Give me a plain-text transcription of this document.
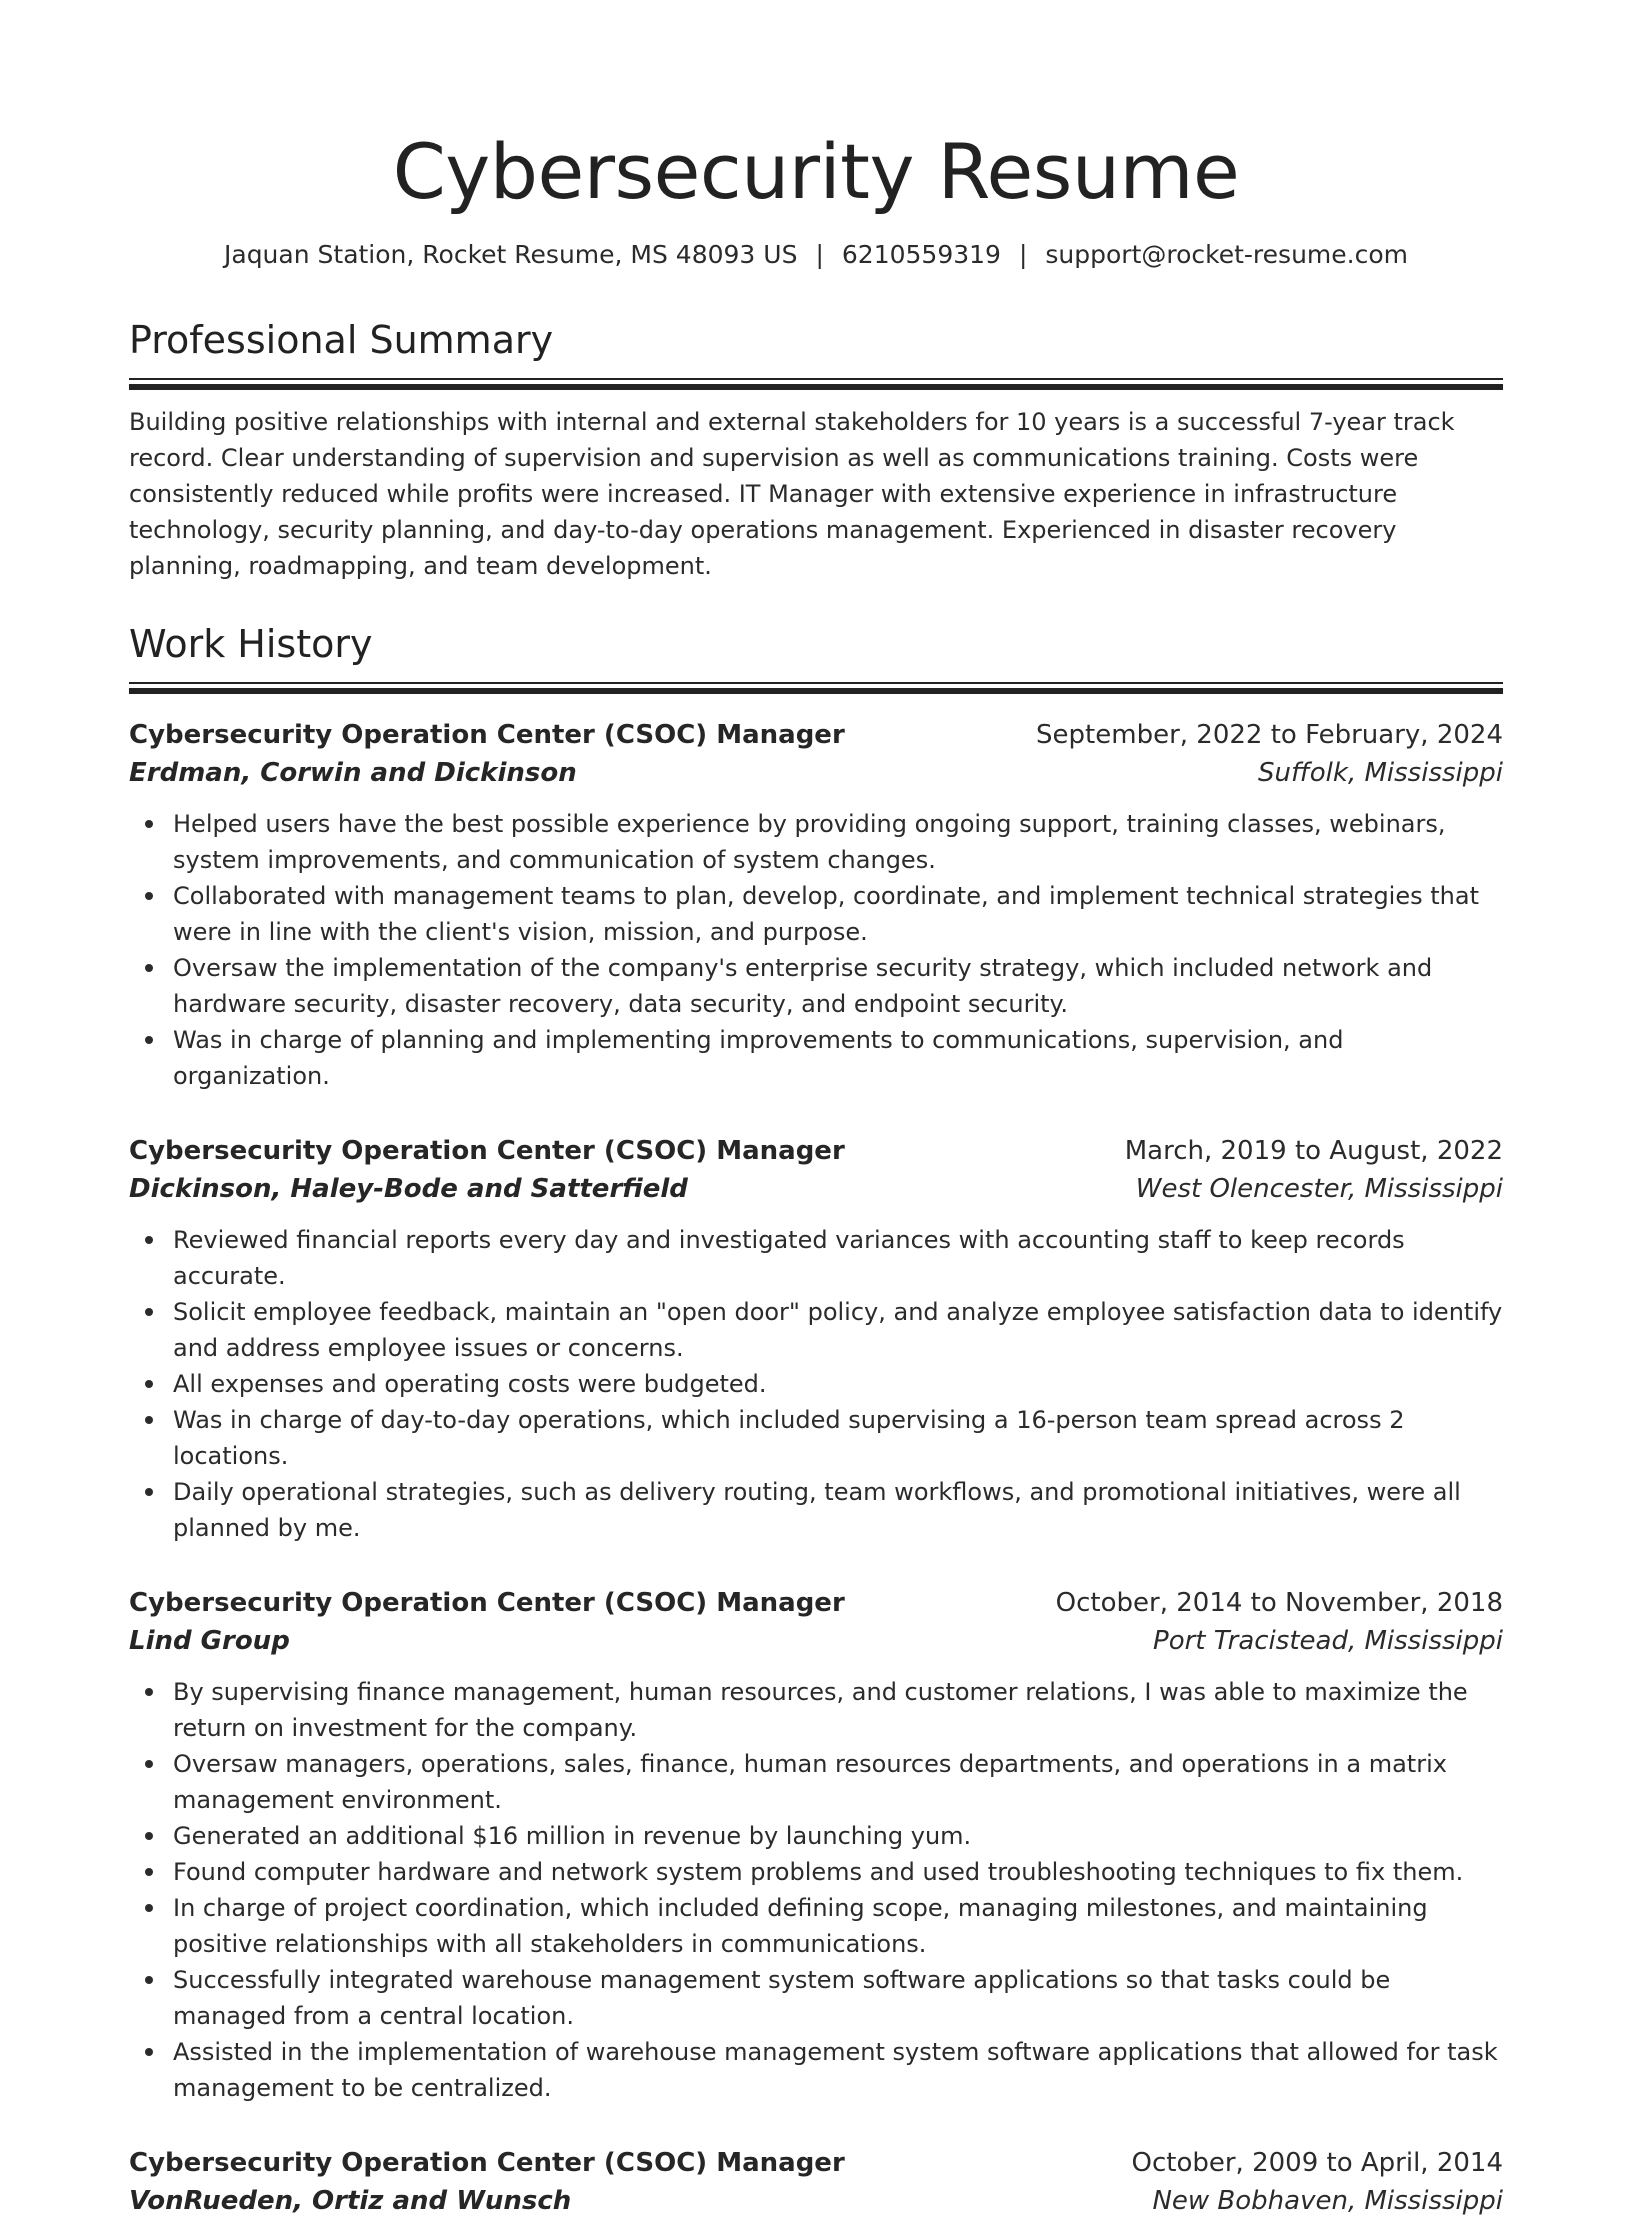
Cybersecurity Resume
Jaquan Station, Rocket Resume, MS 48093 US | 6210559319 | support@rocket-resume.com
Professional Summary

Building positive relationships with internal and external stakeholders for 10 years is a successful 7-year track record. Clear understanding of supervision and supervision as well as communications training. Costs were consistently reduced while profits were increased. IT Manager with extensive experience in infrastructure technology, security planning, and day-to-day operations management. Experienced in disaster recovery planning, roadmapping, and team development.

Work History
Cybersecurity Operation Center (CSOC) Manager	September, 2022 to February, 2024
Erdman, Corwin and Dickinson	Suffolk, Mississippi
Helped users have the best possible experience by providing ongoing support, training classes, webinars, system improvements, and communication of system changes.
Collaborated with management teams to plan, develop, coordinate, and implement technical strategies that were in line with the client's vision, mission, and purpose.
Oversaw the implementation of the company's enterprise security strategy, which included network and hardware security, disaster recovery, data security, and endpoint security.
Was in charge of planning and implementing improvements to communications, supervision, and organization.
Cybersecurity Operation Center (CSOC) Manager	March, 2019 to August, 2022
Dickinson, Haley-Bode and Satterfield	West Olencester, Mississippi
Reviewed financial reports every day and investigated variances with accounting staff to keep records accurate.
Solicit employee feedback, maintain an "open door" policy, and analyze employee satisfaction data to identify and address employee issues or concerns.
All expenses and operating costs were budgeted.
Was in charge of day-to-day operations, which included supervising a 16-person team spread across 2 locations.
Daily operational strategies, such as delivery routing, team workflows, and promotional initiatives, were all planned by me.
Cybersecurity Operation Center (CSOC) Manager	October, 2014 to November, 2018
Lind Group	Port Tracistead, Mississippi
By supervising finance management, human resources, and customer relations, I was able to maximize the return on investment for the company.
Oversaw managers, operations, sales, finance, human resources departments, and operations in a matrix management environment.
Generated an additional $16 million in revenue by launching yum.
Found computer hardware and network system problems and used troubleshooting techniques to fix them.
In charge of project coordination, which included defining scope, managing milestones, and maintaining positive relationships with all stakeholders in communications.
Successfully integrated warehouse management system software applications so that tasks could be managed from a central location.
Assisted in the implementation of warehouse management system software applications that allowed for task management to be centralized.
Cybersecurity Operation Center (CSOC) Manager	October, 2009 to April, 2014
VonRueden, Ortiz and Wunsch	New Bobhaven, Mississippi
